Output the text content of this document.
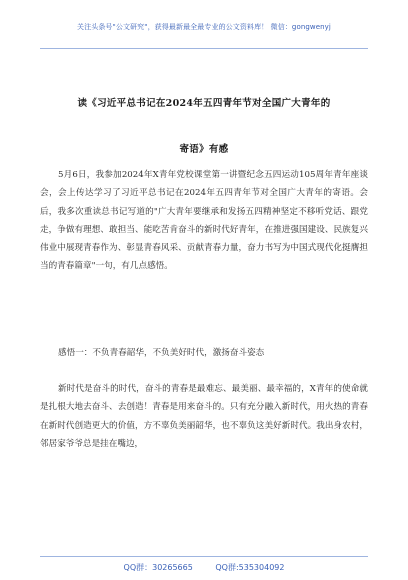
关注头条号"公文研究"，获得最新最全最专业的公文资料库！ 微信：gongwenyj
读《习近平总书记在2024年五四青年节对全国广大青年的
寄语》有感
5月6日，我参加2024年X青年党校课堂第一讲暨纪念五四运动105周年青年座谈会，会上传达学习了习近平总书记在2024年五四青年节对全国广大青年的寄语。会后，我多次重读总书记写道的"广大青年要继承和发扬五四精神坚定不移听党话、跟党走，争做有理想、敢担当、能吃苦肯奋斗的新时代好青年，在推进强国建设、民族复兴伟业中展现青春作为、彰显青春风采、贡献青春力量，奋力书写为中国式现代化挺膺担当的青春篇章"一句，有几点感悟。
感悟一：不负青春韶华，不负美好时代，激扬奋斗姿态
新时代是奋斗的时代，奋斗的青春是最难忘、最美丽、最幸福的，X青年的使命就是扎根大地去奋斗、去创造！青春是用来奋斗的。只有充分融入新时代，用火热的青春在新时代创造更大的价值，方不辜负美丽韶华，也不辜负这美好新时代。我出身农村，邻居家爷爷总是挂在嘴边，
QQ群：30265665	QQ群:535304092
